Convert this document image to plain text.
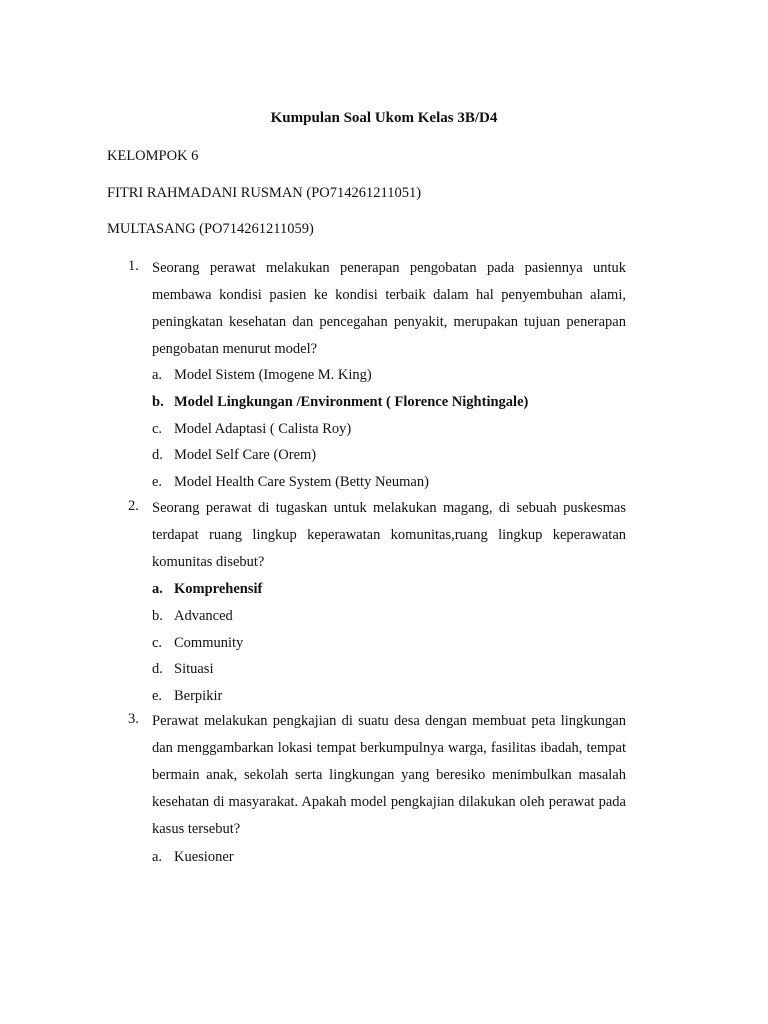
Kumpulan Soal Ukom Kelas 3B/D4
KELOMPOK 6
FITRI RAHMADANI RUSMAN (PO714261211051)
MULTASANG (PO714261211059)
1. Seorang perawat melakukan penerapan pengobatan pada pasiennya untuk membawa kondisi pasien ke kondisi terbaik dalam hal penyembuhan alami, peningkatan kesehatan dan pencegahan penyakit, merupakan tujuan penerapan pengobatan menurut model?
a. Model Sistem (Imogene M. King)
b. Model Lingkungan /Environment ( Florence Nightingale)
c. Model Adaptasi ( Calista Roy)
d. Model Self Care (Orem)
e. Model Health Care System (Betty Neuman)
2. Seorang perawat di tugaskan untuk melakukan magang, di sebuah puskesmas terdapat ruang lingkup keperawatan komunitas,ruang lingkup keperawatan komunitas disebut?
a. Komprehensif
b. Advanced
c. Community
d. Situasi
e. Berpikir
3. Perawat melakukan pengkajian di suatu desa dengan membuat peta lingkungan dan menggambarkan lokasi tempat berkumpulnya warga, fasilitas ibadah, tempat bermain anak, sekolah serta lingkungan yang beresiko menimbulkan masalah kesehatan di masyarakat. Apakah model pengkajian dilakukan oleh perawat pada kasus tersebut?
a. Kuesioner
